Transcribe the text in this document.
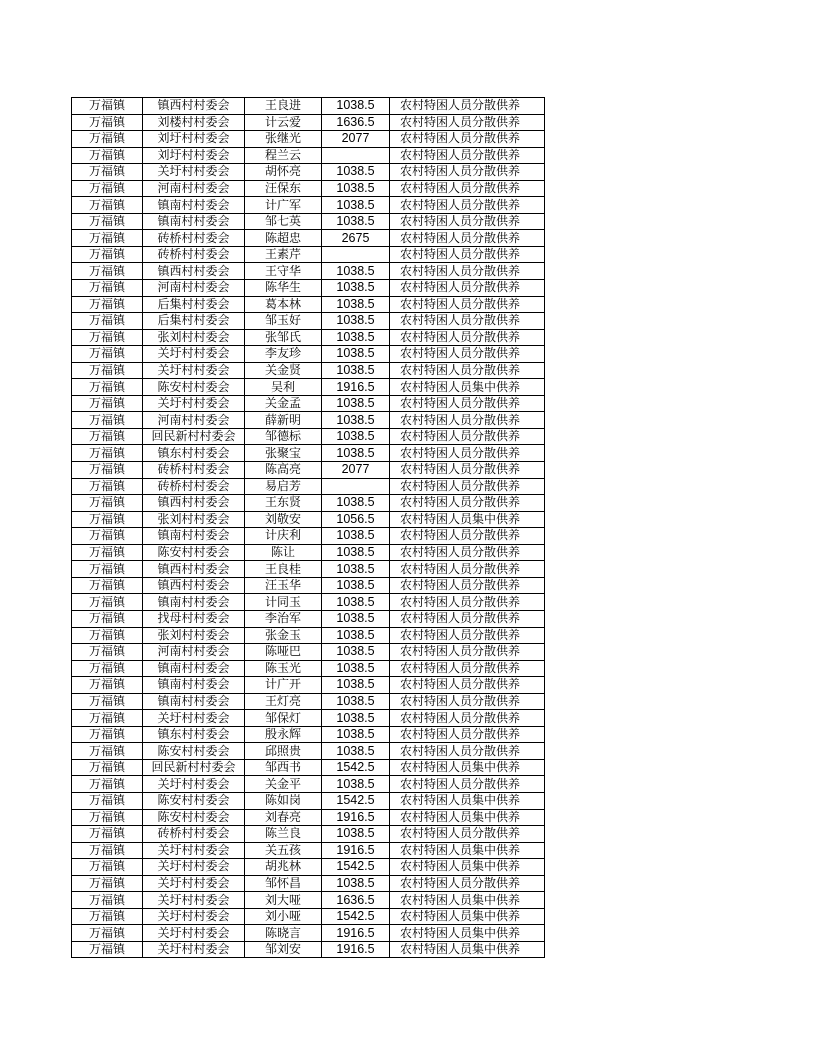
万福镇	镇西村村委会	王良进	1038.5	农村特困人员分散供养
万福镇	刘楼村村委会	计云爱	1636.5	农村特困人员分散供养
万福镇	刘圩村村委会	张继光	2077	农村特困人员分散供养
万福镇	刘圩村村委会	程兰云		农村特困人员分散供养
万福镇	关圩村村委会	胡怀亮	1038.5	农村特困人员分散供养
万福镇	河南村村委会	汪保东	1038.5	农村特困人员分散供养
万福镇	镇南村村委会	计广军	1038.5	农村特困人员分散供养
万福镇	镇南村村委会	邹七英	1038.5	农村特困人员分散供养
万福镇	砖桥村村委会	陈超忠	2675	农村特困人员分散供养
万福镇	砖桥村村委会	王素芹		农村特困人员分散供养
万福镇	镇西村村委会	王守华	1038.5	农村特困人员分散供养
万福镇	河南村村委会	陈华生	1038.5	农村特困人员分散供养
万福镇	后集村村委会	葛本林	1038.5	农村特困人员分散供养
万福镇	后集村村委会	邹玉好	1038.5	农村特困人员分散供养
万福镇	张刘村村委会	张邹氏	1038.5	农村特困人员分散供养
万福镇	关圩村村委会	李友珍	1038.5	农村特困人员分散供养
万福镇	关圩村村委会	关金贤	1038.5	农村特困人员分散供养
万福镇	陈安村村委会	吴利	1916.5	农村特困人员集中供养
万福镇	关圩村村委会	关金孟	1038.5	农村特困人员分散供养
万福镇	河南村村委会	薛新明	1038.5	农村特困人员分散供养
万福镇	回民新村村委会	邹德标	1038.5	农村特困人员分散供养
万福镇	镇东村村委会	张聚宝	1038.5	农村特困人员分散供养
万福镇	砖桥村村委会	陈高亮	2077	农村特困人员分散供养
万福镇	砖桥村村委会	易启芳		农村特困人员分散供养
万福镇	镇西村村委会	王东贤	1038.5	农村特困人员分散供养
万福镇	张刘村村委会	刘敬安	1056.5	农村特困人员集中供养
万福镇	镇南村村委会	计庆利	1038.5	农村特困人员分散供养
万福镇	陈安村村委会	陈让	1038.5	农村特困人员分散供养
万福镇	镇西村村委会	王良桂	1038.5	农村特困人员分散供养
万福镇	镇西村村委会	汪玉华	1038.5	农村特困人员分散供养
万福镇	镇南村村委会	计同玉	1038.5	农村特困人员分散供养
万福镇	找母村村委会	李治军	1038.5	农村特困人员分散供养
万福镇	张刘村村委会	张金玉	1038.5	农村特困人员分散供养
万福镇	河南村村委会	陈哑巴	1038.5	农村特困人员分散供养
万福镇	镇南村村委会	陈玉光	1038.5	农村特困人员分散供养
万福镇	镇南村村委会	计广开	1038.5	农村特困人员分散供养
万福镇	镇南村村委会	王灯亮	1038.5	农村特困人员分散供养
万福镇	关圩村村委会	邹保灯	1038.5	农村特困人员分散供养
万福镇	镇东村村委会	殷永辉	1038.5	农村特困人员分散供养
万福镇	陈安村村委会	邱照贵	1038.5	农村特困人员分散供养
万福镇	回民新村村委会	邹西书	1542.5	农村特困人员集中供养
万福镇	关圩村村委会	关金平	1038.5	农村特困人员分散供养
万福镇	陈安村村委会	陈如岗	1542.5	农村特困人员集中供养
万福镇	陈安村村委会	刘春亮	1916.5	农村特困人员集中供养
万福镇	砖桥村村委会	陈兰良	1038.5	农村特困人员分散供养
万福镇	关圩村村委会	关五孩	1916.5	农村特困人员集中供养
万福镇	关圩村村委会	胡兆林	1542.5	农村特困人员集中供养
万福镇	关圩村村委会	邹怀昌	1038.5	农村特困人员分散供养
万福镇	关圩村村委会	刘大哑	1636.5	农村特困人员集中供养
万福镇	关圩村村委会	刘小哑	1542.5	农村特困人员集中供养
万福镇	关圩村村委会	陈晓言	1916.5	农村特困人员集中供养
万福镇	关圩村村委会	邹刘安	1916.5	农村特困人员集中供养
